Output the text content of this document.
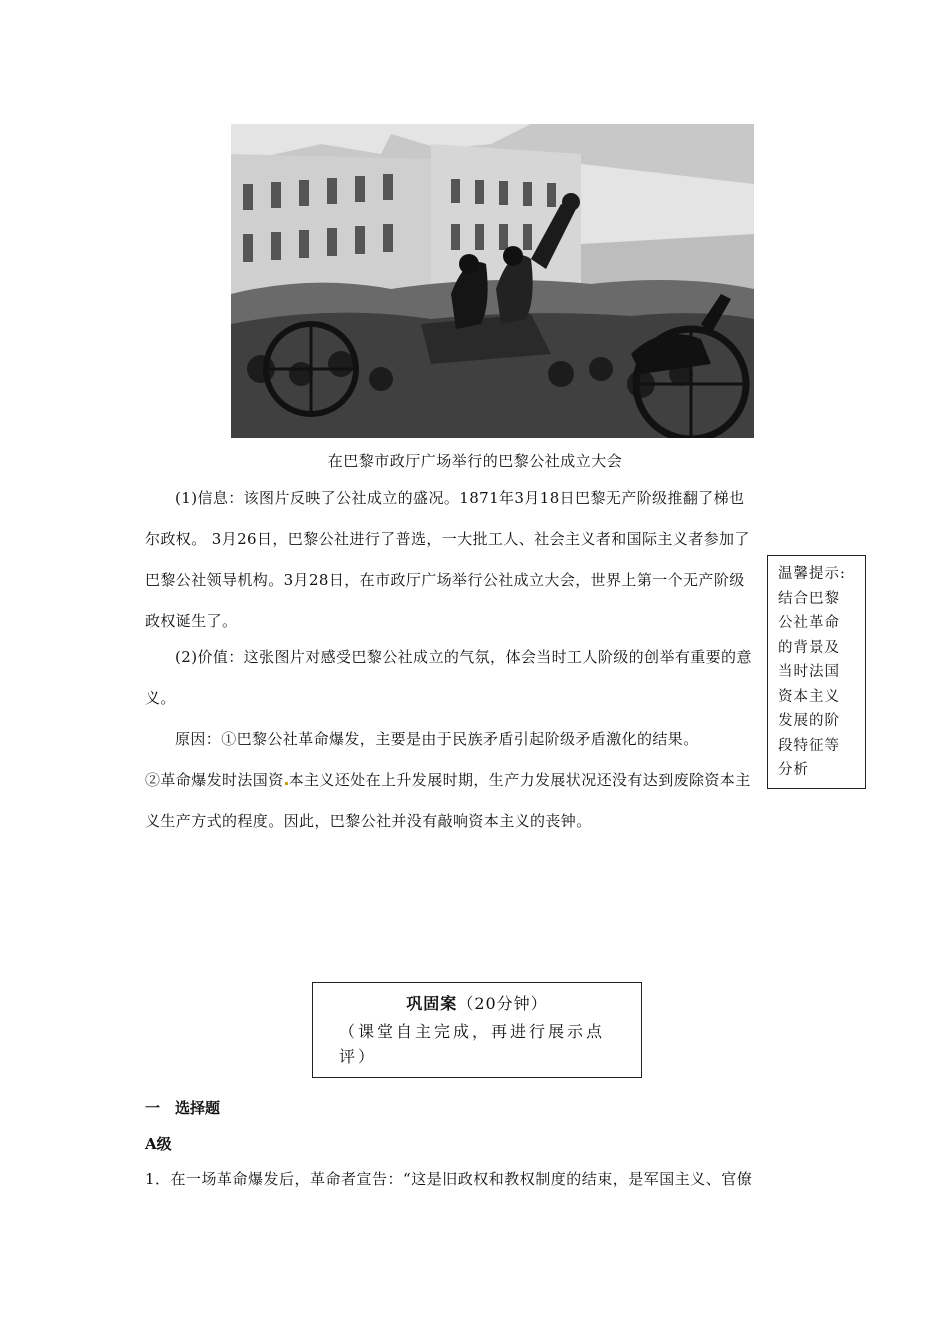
在巴黎市政厅广场举行的巴黎公社成立大会

(1)信息：该图片反映了公社成立的盛况。1871年3月18日巴黎无产阶级推翻了梯也尔政权。 3月26日，巴黎公社进行了普选，一大批工人、社会主义者和国际主义者参加了巴黎公社领导机构。3月28日，在市政厅广场举行公社成立大会，世界上第一个无产阶级政权诞生了。

(2)价值：这张图片对感受巴黎公社成立的气氛，体会当时工人阶级的创举有重要的意义。

原因：①巴黎公社革命爆发，主要是由于民族矛盾引起阶级矛盾激化的结果。
②革命爆发时法国资 本主义还处在上升发展时期，生产力发展状况还没有达到废除资本主义生产方式的程度。因此，巴黎公社并没有敲响资本主义的丧钟。

温馨提示:
结合巴黎
公社革命
的背景及
当时法国
资本主义
发展的阶
段特征等
分析
巩固案（20分钟）
（课堂自主完成，再进行展示点评）
一　选择题
A级
1．在一场革命爆发后，革命者宣告：“这是旧政权和教权制度的结束，是军国主义、官僚
